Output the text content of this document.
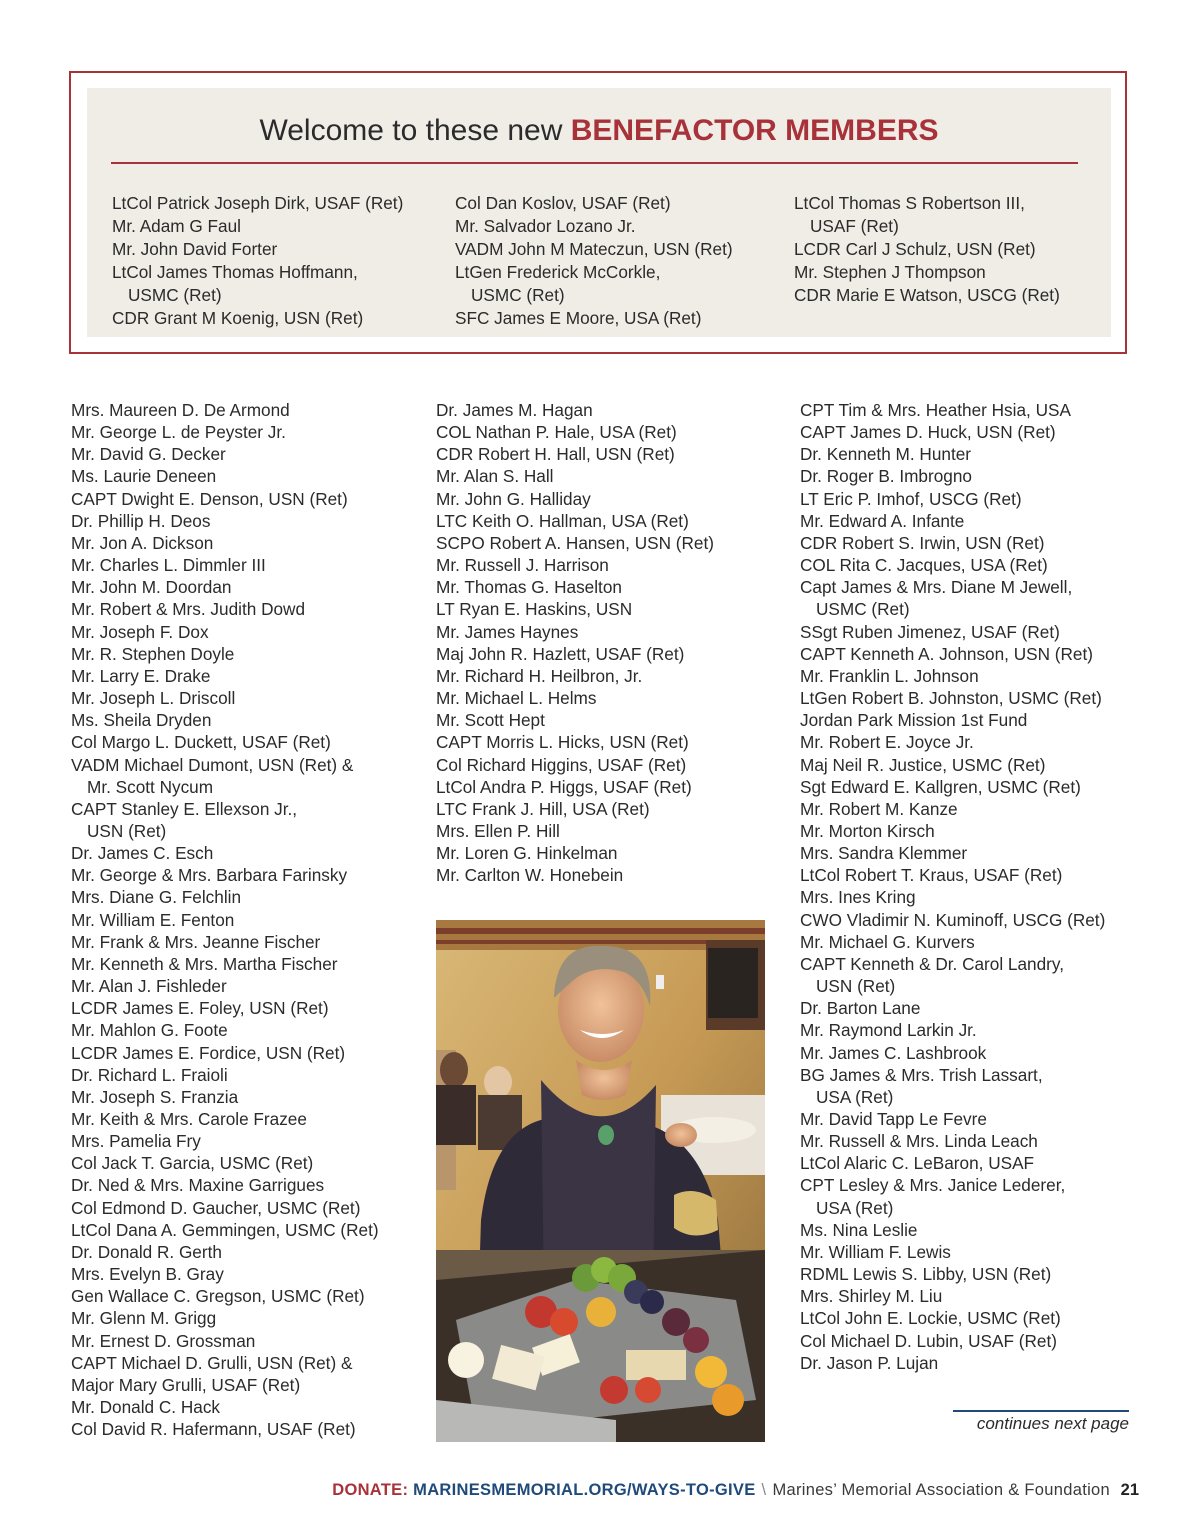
Welcome to these new BENEFACTOR MEMBERS
LtCol Patrick Joseph Dirk, USAF (Ret)
Mr. Adam G Faul
Mr. John David Forter
LtCol James Thomas Hoffmann,
USMC (Ret)
CDR Grant M Koenig, USN (Ret)
Col Dan Koslov, USAF (Ret)
Mr. Salvador Lozano Jr.
VADM John M Mateczun, USN (Ret)
LtGen Frederick McCorkle,
USMC (Ret)
SFC James E Moore, USA (Ret)
LtCol Thomas S Robertson III,
USAF (Ret)
LCDR Carl J Schulz, USN (Ret)
Mr. Stephen J Thompson
CDR Marie E Watson, USCG (Ret)
Mrs. Maureen D. De Armond
Mr. George L. de Peyster Jr.
Mr. David G. Decker
Ms. Laurie Deneen
CAPT Dwight E. Denson, USN (Ret)
Dr. Phillip H. Deos
Mr. Jon A. Dickson
Mr. Charles L. Dimmler III
Mr. John M. Doordan
Mr. Robert & Mrs. Judith Dowd
Mr. Joseph F. Dox
Mr. R. Stephen Doyle
Mr. Larry E. Drake
Mr. Joseph L. Driscoll
Ms. Sheila Dryden
Col Margo L. Duckett, USAF (Ret)
VADM Michael Dumont, USN (Ret) &
Mr. Scott Nycum
CAPT Stanley E. Ellexson Jr.,
USN (Ret)
Dr. James C. Esch
Mr. George & Mrs. Barbara Farinsky
Mrs. Diane G. Felchlin
Mr. William E. Fenton
Mr. Frank & Mrs. Jeanne Fischer
Mr. Kenneth & Mrs. Martha Fischer
Mr. Alan J. Fishleder
LCDR James E. Foley, USN (Ret)
Mr. Mahlon G. Foote
LCDR James E. Fordice, USN (Ret)
Dr. Richard L. Fraioli
Mr. Joseph S. Franzia
Mr. Keith & Mrs. Carole Frazee
Mrs. Pamelia Fry
Col Jack T. Garcia, USMC (Ret)
Dr. Ned & Mrs. Maxine Garrigues
Col Edmond D. Gaucher, USMC (Ret)
LtCol Dana A. Gemmingen, USMC (Ret)
Dr. Donald R. Gerth
Mrs. Evelyn B. Gray
Gen Wallace C. Gregson, USMC (Ret)
Mr. Glenn M. Grigg
Mr. Ernest D. Grossman
CAPT Michael D. Grulli, USN (Ret) &
Major Mary Grulli, USAF (Ret)
Mr. Donald C. Hack
Col David R. Hafermann, USAF (Ret)
Dr. James M. Hagan
COL Nathan P. Hale, USA (Ret)
CDR Robert H. Hall, USN (Ret)
Mr. Alan S. Hall
Mr. John G. Halliday
LTC Keith O. Hallman, USA (Ret)
SCPO Robert A. Hansen, USN (Ret)
Mr. Russell J. Harrison
Mr. Thomas G. Haselton
LT Ryan E. Haskins, USN
Mr. James Haynes
Maj John R. Hazlett, USAF (Ret)
Mr. Richard H. Heilbron, Jr.
Mr. Michael L. Helms
Mr. Scott Hept
CAPT Morris L. Hicks, USN (Ret)
Col Richard Higgins, USAF (Ret)
LtCol Andra P. Higgs, USAF (Ret)
LTC Frank J. Hill, USA (Ret)
Mrs. Ellen P. Hill
Mr. Loren G. Hinkelman
Mr. Carlton W. Honebein
CPT Tim & Mrs. Heather Hsia, USA
CAPT James D. Huck, USN (Ret)
Dr. Kenneth M. Hunter
Dr. Roger B. Imbrogno
LT Eric P. Imhof, USCG (Ret)
Mr. Edward A. Infante
CDR Robert S. Irwin, USN (Ret)
COL Rita C. Jacques, USA (Ret)
Capt James & Mrs. Diane M Jewell,
USMC (Ret)
SSgt Ruben Jimenez, USAF (Ret)
CAPT Kenneth A. Johnson, USN (Ret)
Mr. Franklin L. Johnson
LtGen Robert B. Johnston, USMC (Ret)
Jordan Park Mission 1st Fund
Mr. Robert E. Joyce Jr.
Maj Neil R. Justice, USMC (Ret)
Sgt Edward E. Kallgren, USMC (Ret)
Mr. Robert M. Kanze
Mr. Morton Kirsch
Mrs. Sandra Klemmer
LtCol Robert T. Kraus, USAF (Ret)
Mrs. Ines Kring
CWO Vladimir N. Kuminoff, USCG (Ret)
Mr. Michael G. Kurvers
CAPT Kenneth & Dr. Carol Landry,
USN (Ret)
Dr. Barton Lane
Mr. Raymond Larkin Jr.
Mr. James C. Lashbrook
BG James & Mrs. Trish Lassart,
USA (Ret)
Mr. David Tapp Le Fevre
Mr. Russell & Mrs. Linda Leach
LtCol Alaric C. LeBaron, USAF
CPT Lesley & Mrs. Janice Lederer,
USA (Ret)
Ms. Nina Leslie
Mr. William F. Lewis
RDML Lewis S. Libby, USN (Ret)
Mrs. Shirley M. Liu
LtCol John E. Lockie, USMC (Ret)
Col Michael D. Lubin, USAF (Ret)
Dr. Jason P. Lujan
continues next page
DONATE: MARINESMEMORIAL.ORG/WAYS-TO-GIVE \ Marines’ Memorial Association & Foundation 21
